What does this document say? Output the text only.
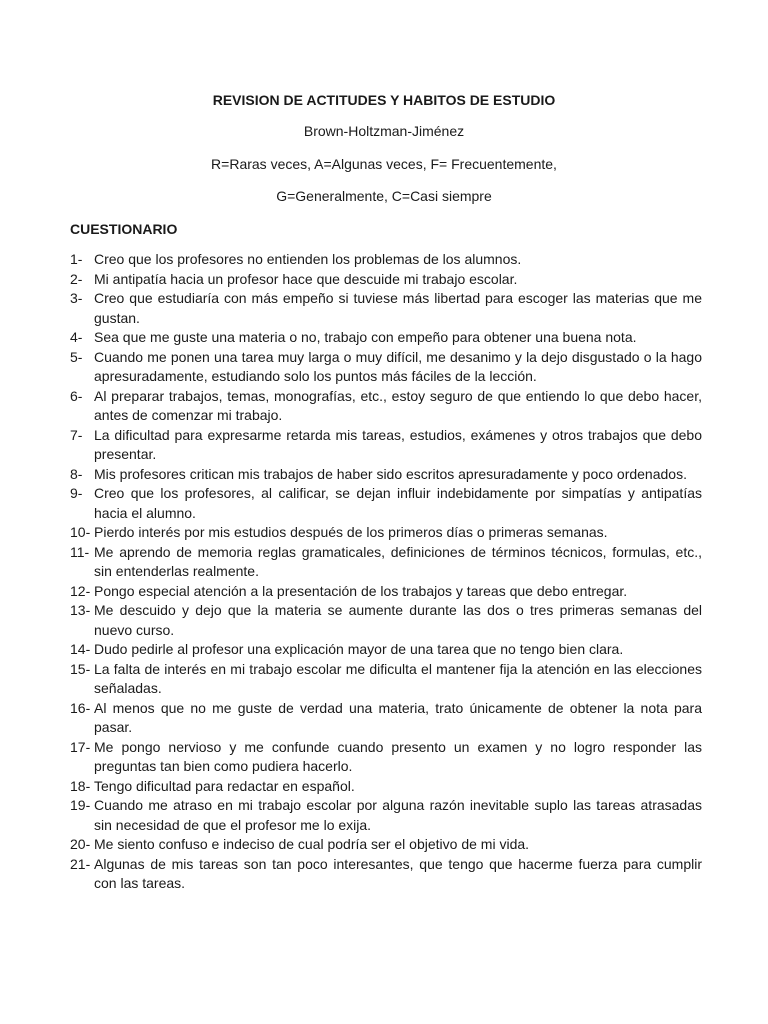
REVISION DE ACTITUDES Y HABITOS DE ESTUDIO
Brown-Holtzman-Jiménez
R=Raras veces, A=Algunas veces, F= Frecuentemente,
G=Generalmente, C=Casi siempre
CUESTIONARIO
1- Creo que los profesores no entienden los problemas de los alumnos.
2- Mi antipatía hacia un profesor hace que descuide mi trabajo escolar.
3- Creo que estudiaría con más empeño si tuviese más libertad para escoger las materias que me gustan.
4- Sea que me guste una materia o no, trabajo con empeño para obtener una buena nota.
5- Cuando me ponen una tarea muy larga o muy difícil, me desanimo y la dejo disgustado o la hago apresuradamente, estudiando solo los puntos más fáciles de la lección.
6- Al preparar trabajos, temas, monografías, etc., estoy seguro de que entiendo lo que debo hacer, antes de comenzar mi trabajo.
7- La dificultad para expresarme retarda mis tareas, estudios, exámenes y otros trabajos que debo presentar.
8- Mis profesores critican mis trabajos de haber sido escritos apresuradamente y poco ordenados.
9- Creo que los profesores, al calificar, se dejan influir indebidamente por simpatías y antipatías hacia el alumno.
10- Pierdo interés por mis estudios después de los primeros días o primeras semanas.
11- Me aprendo de memoria reglas gramaticales, definiciones de términos técnicos, formulas, etc., sin entenderlas realmente.
12- Pongo especial atención a la presentación de los trabajos y tareas que debo entregar.
13- Me descuido y dejo que la materia se aumente durante las dos o tres primeras semanas del nuevo curso.
14- Dudo pedirle al profesor una explicación mayor de una tarea que no tengo bien clara.
15- La falta de interés en mi trabajo escolar me dificulta el mantener fija la atención en las elecciones señaladas.
16- Al menos que no me guste de verdad una materia, trato únicamente de obtener la nota para pasar.
17- Me pongo nervioso y me confunde cuando presento un examen y no logro responder las preguntas tan bien como pudiera hacerlo.
18- Tengo dificultad para redactar en español.
19- Cuando me atraso en mi trabajo escolar por alguna razón inevitable suplo las tareas atrasadas sin necesidad de que el profesor me lo exija.
20- Me siento confuso e indeciso de cual podría ser el objetivo de mi vida.
21- Algunas de mis tareas son tan poco interesantes, que tengo que hacerme fuerza para cumplir con las tareas.
